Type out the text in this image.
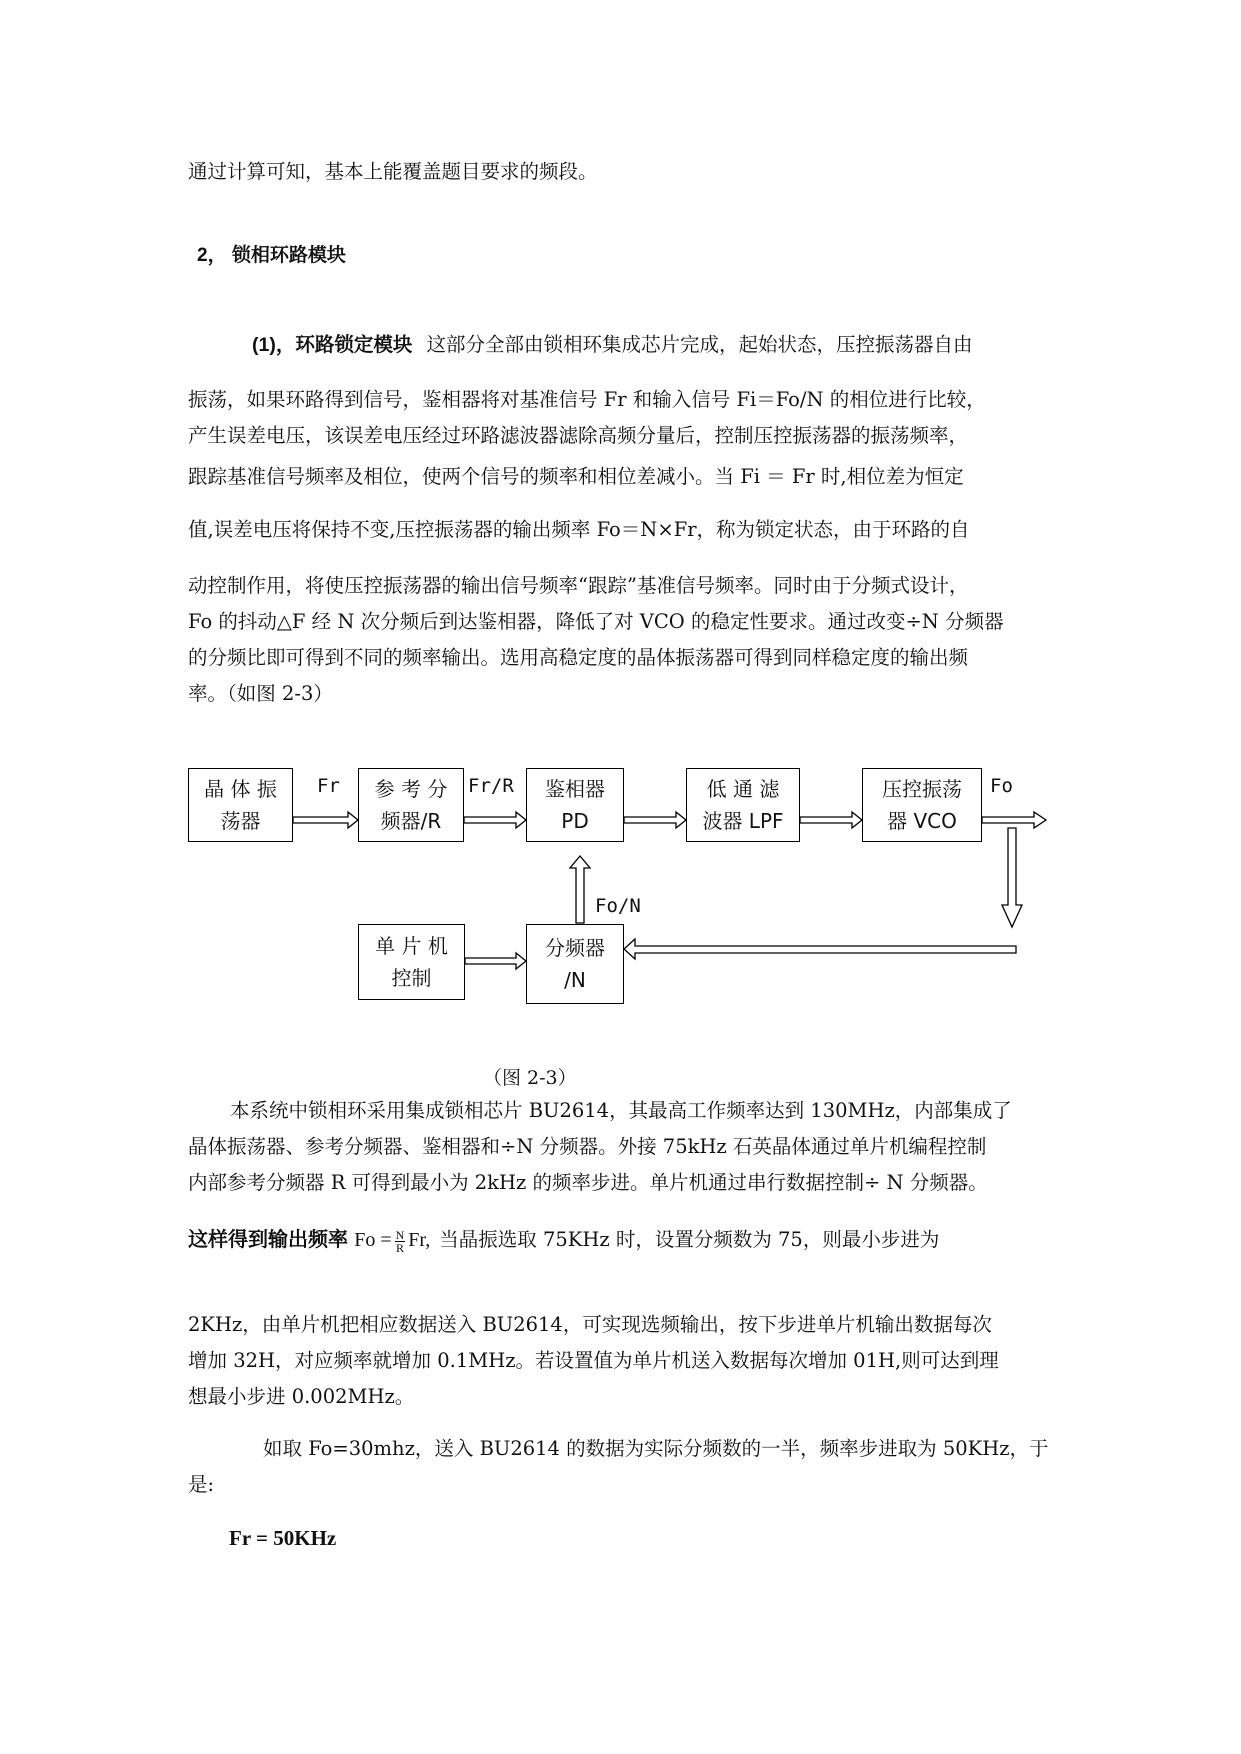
通过计算可知，基本上能覆盖题目要求的频段。
2， 锁相环路模块
(1)，环路锁定模块 这部分全部由锁相环集成芯片完成，起始状态，压控振荡器自由
振荡，如果环路得到信号，鉴相器将对基准信号 Fr 和输入信号 Fi＝Fo/N 的相位进行比较，
产生误差电压，该误差电压经过环路滤波器滤除高频分量后，控制压控振荡器的振荡频率，
跟踪基准信号频率及相位，使两个信号的频率和相位差减小。当 Fi ＝ Fr 时,相位差为恒定
值,误差电压将保持不变,压控振荡器的输出频率 Fo＝N×Fr，称为锁定状态，由于环路的自
动控制作用，将使压控振荡器的输出信号频率“跟踪”基准信号频率。同时由于分频式设计，
Fo 的抖动△F 经 N 次分频后到达鉴相器，降低了对 VCO 的稳定性要求。通过改变÷N 分频器
的分频比即可得到不同的频率输出。选用高稳定度的晶体振荡器可得到同样稳定度的输出频
率。（如图 2-3）
晶 体 振
荡器
参 考 分
频器/R
鉴相器
PD
低 通 滤
波器 LPF
压控振荡
器 VCO
单 片 机
控制
分频器
/N
Fr	Fr/R	Fo
Fo/N
（图 2-3）
本系统中锁相环采用集成锁相芯片 BU2614，其最高工作频率达到 130MHz，内部集成了
晶体振荡器、参考分频器、鉴相器和÷N 分频器。外接 75kHz 石英晶体通过单片机编程控制
内部参考分频器 R 可得到最小为 2kHz 的频率步进。单片机通过串行数据控制÷ N 分频器。
这样得到输出频率 $Fo = \frac{N}{R} Fr$, 当晶振选取 75KHz 时，设置分频数为 75，则最小步进为
2KHz，由单片机把相应数据送入 BU2614，可实现选频输出，按下步进单片机输出数据每次
增加 32H，对应频率就增加 0.1MHz。若设置值为单片机送入数据每次增加 01H,则可达到理
想最小步进 0.002MHz。
如取 Fo=30mhz，送入 BU2614 的数据为实际分频数的一半，频率步进取为 50KHz，于
是:
Fr = 50KHz
